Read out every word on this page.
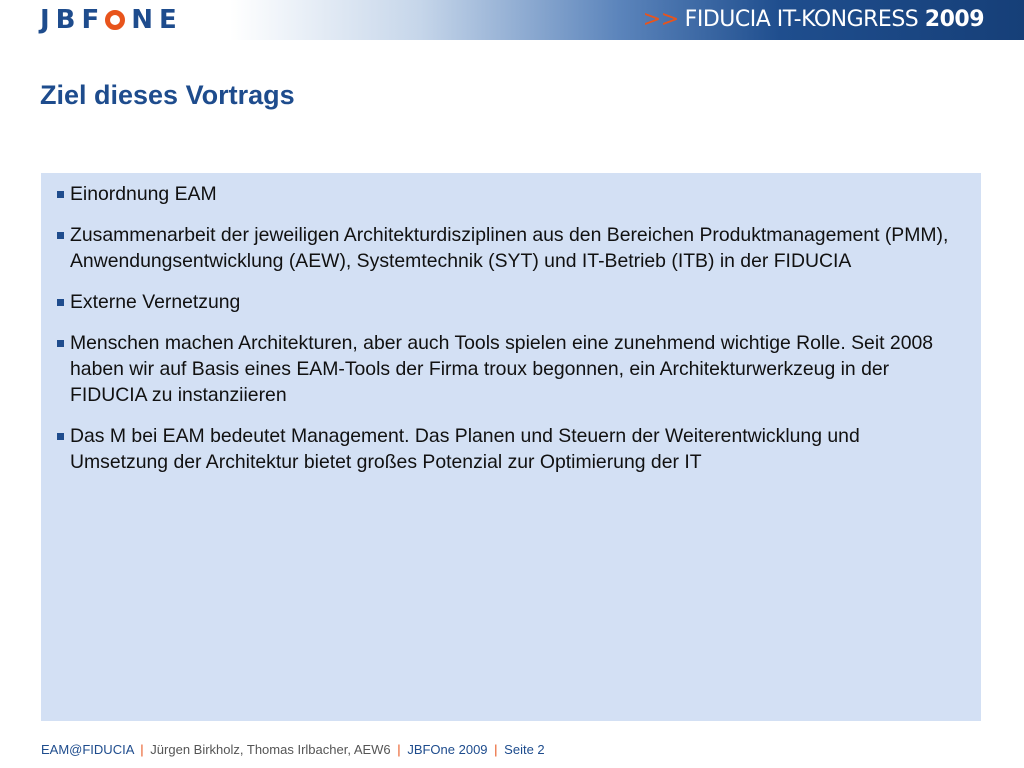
JBF NE	>> FIDUCIA IT-KONGRESS 2009
Ziel dieses Vortrags
Einordnung EAM
Zusammenarbeit der jeweiligen Architekturdisziplinen aus den Bereichen Produktmanagement (PMM), Anwendungsentwicklung (AEW), Systemtechnik (SYT) und IT-Betrieb (ITB) in der FIDUCIA
Externe Vernetzung
Menschen machen Architekturen, aber auch Tools spielen eine zunehmend wichtige Rolle. Seit 2008 haben wir auf Basis eines EAM-Tools der Firma troux begonnen, ein Architekturwerkzeug in der FIDUCIA zu instanziieren
Das M bei EAM bedeutet Management. Das Planen und Steuern der Weiterentwicklung und Umsetzung der Architektur bietet großes Potenzial zur Optimierung der IT
EAM@FIDUCIA | Jürgen Birkholz, Thomas Irlbacher, AEW6 | JBFOne 2009 | Seite 2
